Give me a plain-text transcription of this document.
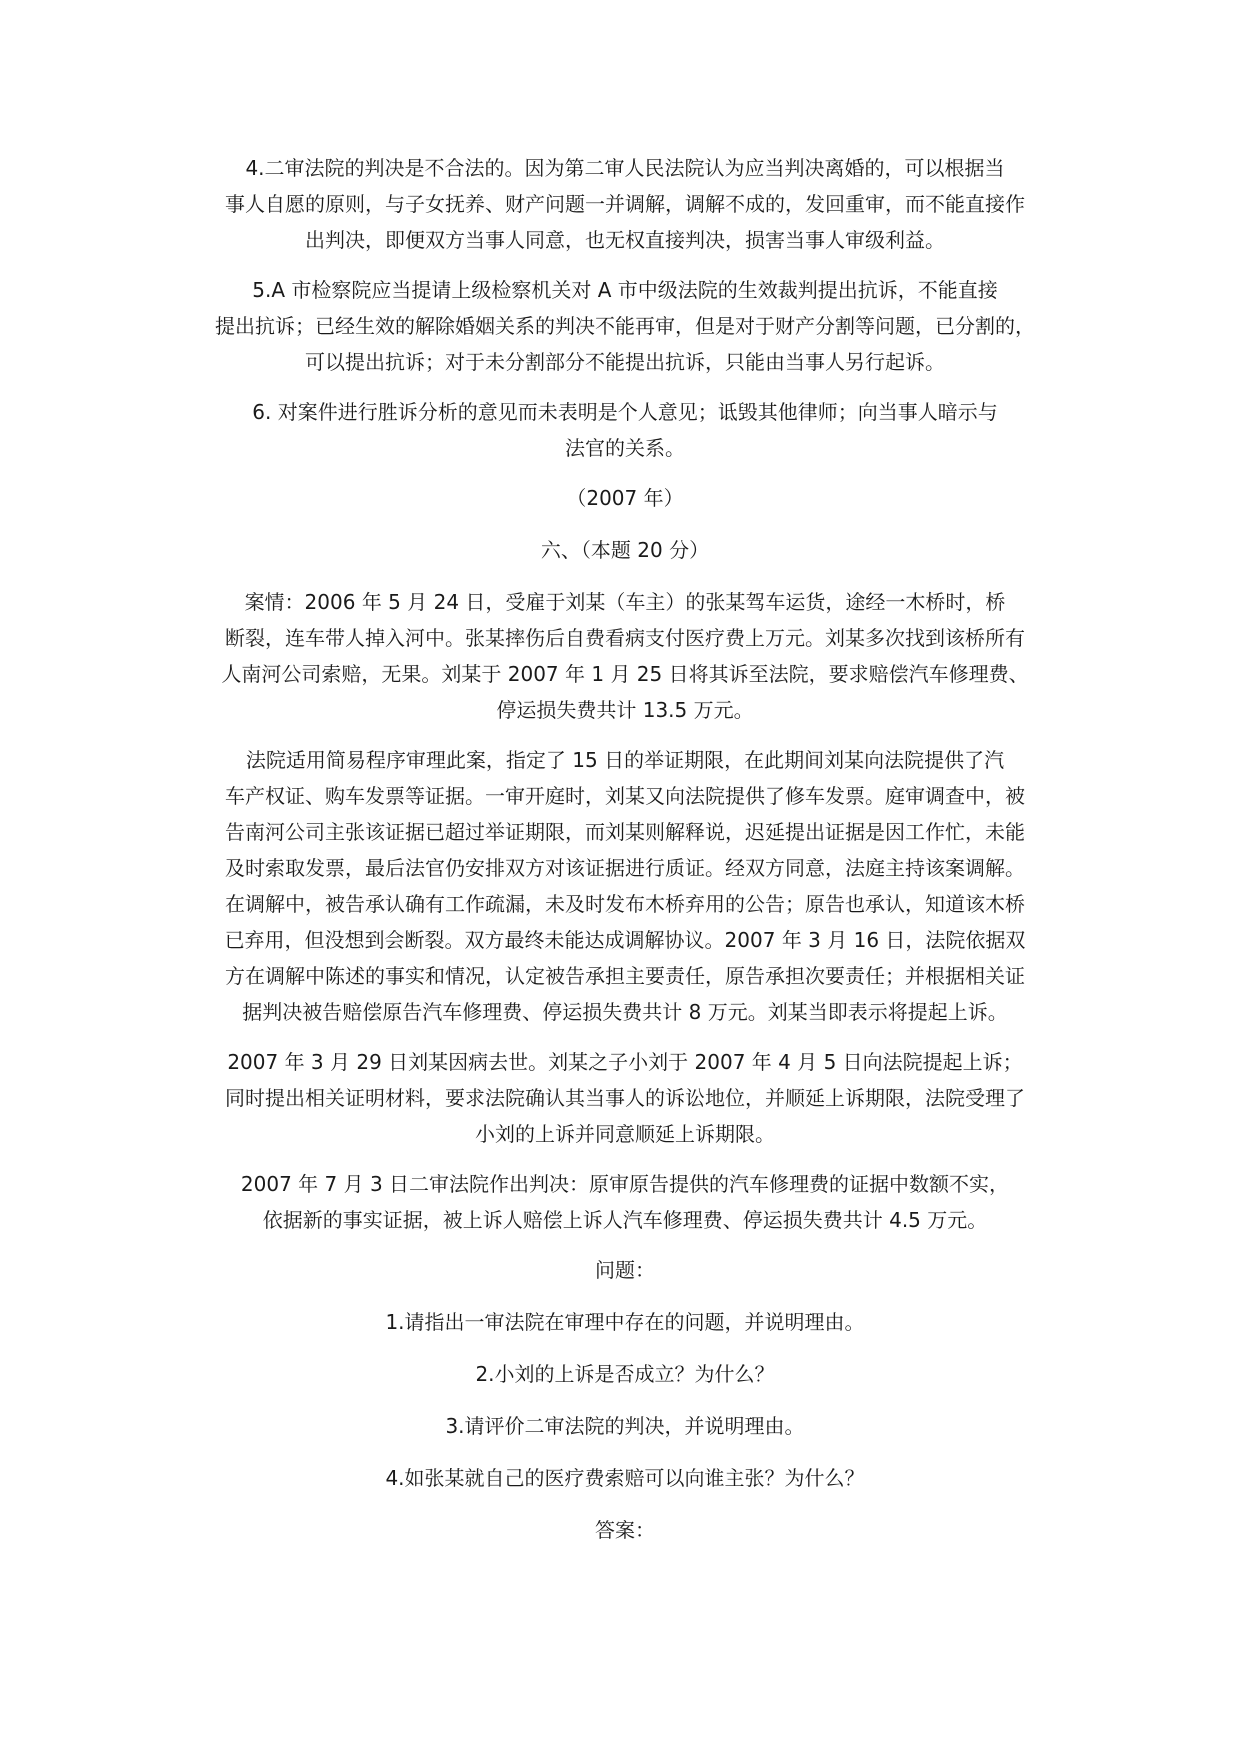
4.二审法院的判决是不合法的。因为第二审人民法院认为应当判决离婚的，可以根据当
事人自愿的原则，与子女抚养、财产问题一并调解，调解不成的，发回重审，而不能直接作
出判决，即便双方当事人同意，也无权直接判决，损害当事人审级利益。

5.A 市检察院应当提请上级检察机关对 A 市中级法院的生效裁判提出抗诉，不能直接
提出抗诉；已经生效的解除婚姻关系的判决不能再审，但是对于财产分割等问题，已分割的，
可以提出抗诉；对于未分割部分不能提出抗诉，只能由当事人另行起诉。

6. 对案件进行胜诉分析的意见而未表明是个人意见；诋毁其他律师；向当事人暗示与
法官的关系。

（2007 年）

六、（本题 20 分）

案情：2006 年 5 月 24 日，受雇于刘某（车主）的张某驾车运货，途经一木桥时，桥
断裂，连车带人掉入河中。张某摔伤后自费看病支付医疗费上万元。刘某多次找到该桥所有
人南河公司索赔，无果。刘某于 2007 年 1 月 25 日将其诉至法院，要求赔偿汽车修理费、
停运损失费共计 13.5 万元。

法院适用简易程序审理此案，指定了 15 日的举证期限，在此期间刘某向法院提供了汽
车产权证、购车发票等证据。一审开庭时，刘某又向法院提供了修车发票。庭审调查中，被
告南河公司主张该证据已超过举证期限，而刘某则解释说，迟延提出证据是因工作忙，未能
及时索取发票，最后法官仍安排双方对该证据进行质证。经双方同意，法庭主持该案调解。
在调解中，被告承认确有工作疏漏，未及时发布木桥弃用的公告；原告也承认，知道该木桥
已弃用，但没想到会断裂。双方最终未能达成调解协议。2007 年 3 月 16 日，法院依据双
方在调解中陈述的事实和情况，认定被告承担主要责任，原告承担次要责任；并根据相关证
据判决被告赔偿原告汽车修理费、停运损失费共计 8 万元。刘某当即表示将提起上诉。

2007 年 3 月 29 日刘某因病去世。刘某之子小刘于 2007 年 4 月 5 日向法院提起上诉；
同时提出相关证明材料，要求法院确认其当事人的诉讼地位，并顺延上诉期限，法院受理了
小刘的上诉并同意顺延上诉期限。

2007 年 7 月 3 日二审法院作出判决：原审原告提供的汽车修理费的证据中数额不实，
依据新的事实证据，被上诉人赔偿上诉人汽车修理费、停运损失费共计 4.5 万元。

问题：

1.请指出一审法院在审理中存在的问题，并说明理由。

2.小刘的上诉是否成立？为什么？

3.请评价二审法院的判决，并说明理由。

4.如张某就自己的医疗费索赔可以向谁主张？为什么？

答案：
